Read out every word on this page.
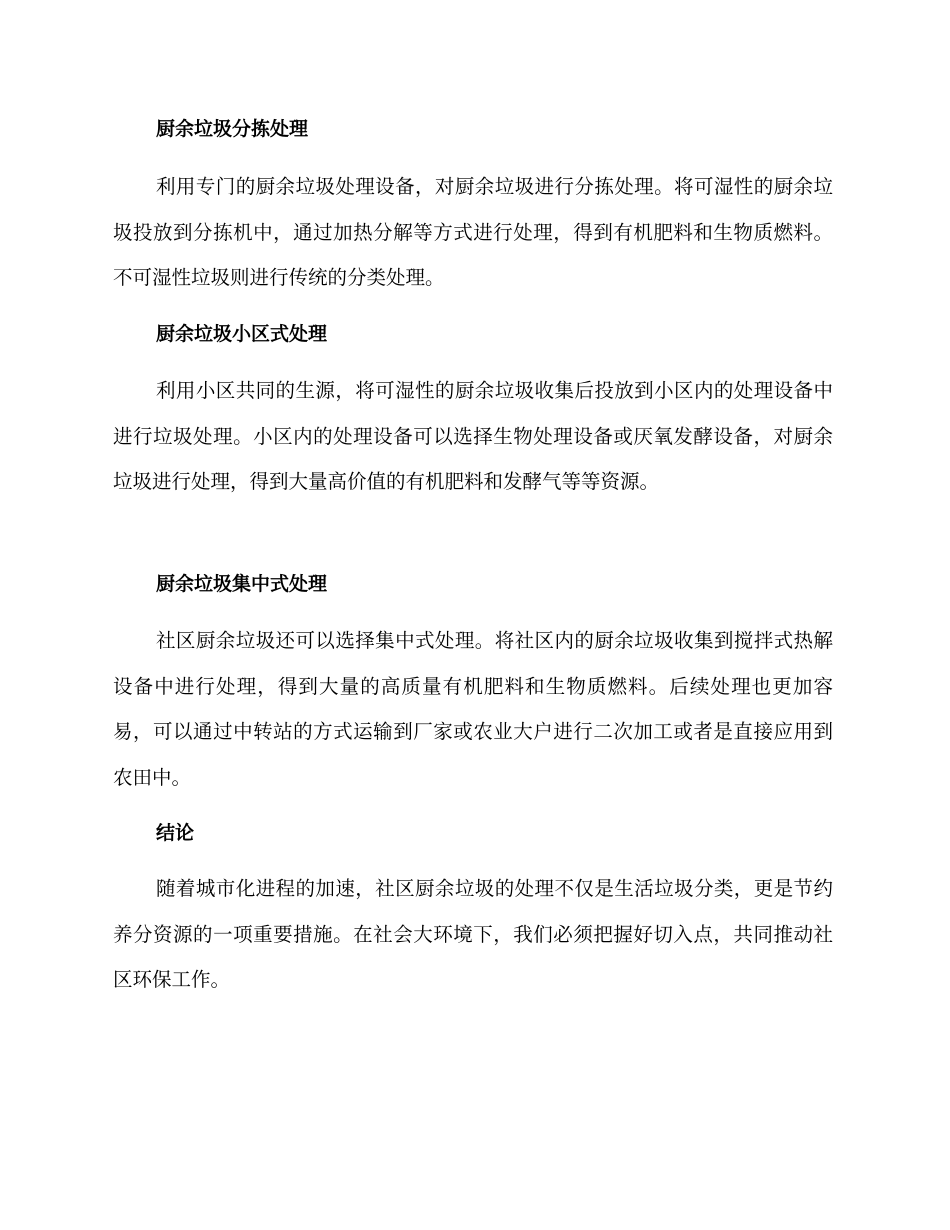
厨余垃圾分拣处理

利用专门的厨余垃圾处理设备，对厨余垃圾进行分拣处理。将可湿性的厨余垃圾投放到分拣机中，通过加热分解等方式进行处理，得到有机肥料和生物质燃料。不可湿性垃圾则进行传统的分类处理。

厨余垃圾小区式处理

利用小区共同的生源，将可湿性的厨余垃圾收集后投放到小区内的处理设备中进行垃圾处理。小区内的处理设备可以选择生物处理设备或厌氧发酵设备，对厨余垃圾进行处理，得到大量高价值的有机肥料和发酵气等等资源。

厨余垃圾集中式处理

社区厨余垃圾还可以选择集中式处理。将社区内的厨余垃圾收集到搅拌式热解设备中进行处理，得到大量的高质量有机肥料和生物质燃料。后续处理也更加容易，可以通过中转站的方式运输到厂家或农业大户进行二次加工或者是直接应用到农田中。

结论

随着城市化进程的加速，社区厨余垃圾的处理不仅是生活垃圾分类，更是节约养分资源的一项重要措施。在社会大环境下，我们必须把握好切入点，共同推动社区环保工作。
